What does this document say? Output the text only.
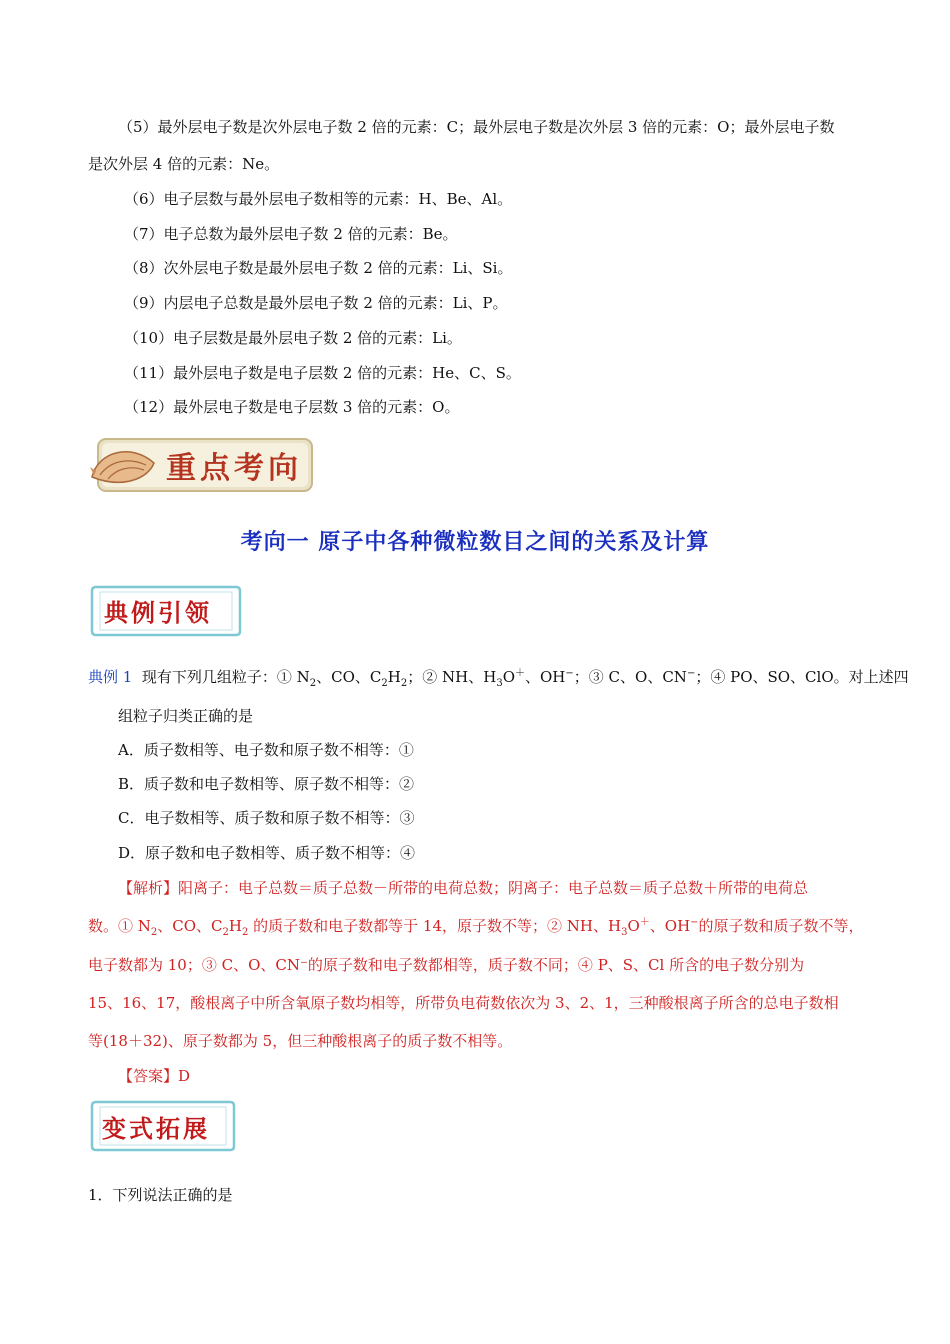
（5）最外层电子数是次外层电子数 2 倍的元素：C；最外层电子数是次外层 3 倍的元素：O；最外层电子数
是次外层 4 倍的元素：Ne。
（6）电子层数与最外层电子数相等的元素：H、Be、Al。
（7）电子总数为最外层电子数 2 倍的元素：Be。
（8）次外层电子数是最外层电子数 2 倍的元素：Li、Si。
（9）内层电子总数是最外层电子数 2 倍的元素：Li、P。
（10）电子层数是最外层电子数 2 倍的元素：Li。
（11）最外层电子数是电子层数 2 倍的元素：He、C、S。
（12）最外层电子数是电子层数 3 倍的元素：O。
重点考向
考向一 原子中各种微粒数目之间的关系及计算
典例引领
典例 1 现有下列几组粒子：① $N_2$、CO、$C_2H_2$；② NH、$H_3O^+$、OH−；③ C、O、CN−；④ PO、SO、ClO。对上述四
组粒子归类正确的是
A．质子数相等、电子数和原子数不相等：①
B．质子数和电子数相等、原子数不相等：②
C．电子数相等、质子数和原子数不相等：③
D．原子数和电子数相等、质子数不相等：④
【解析】阳离子：电子总数＝质子总数－所带的电荷总数；阴离子：电子总数＝质子总数＋所带的电荷总
数。① $N_2$、CO、$C_2H_2$ 的质子数和电子数都等于 14，原子数不等；② NH、$H_3O^+$、OH−的原子数和质子数不等，
电子数都为 10；③ C、O、CN⁻的原子数和电子数都相等，质子数不同；④ P、S、Cl 所含的电子数分别为
15、16、17，酸根离子中所含氧原子数均相等，所带负电荷数依次为 3、2、1，三种酸根离子所含的总电子数相
等(18＋32)、原子数都为 5，但三种酸根离子的质子数不相等。
【答案】D
变式拓展
1．下列说法正确的是
